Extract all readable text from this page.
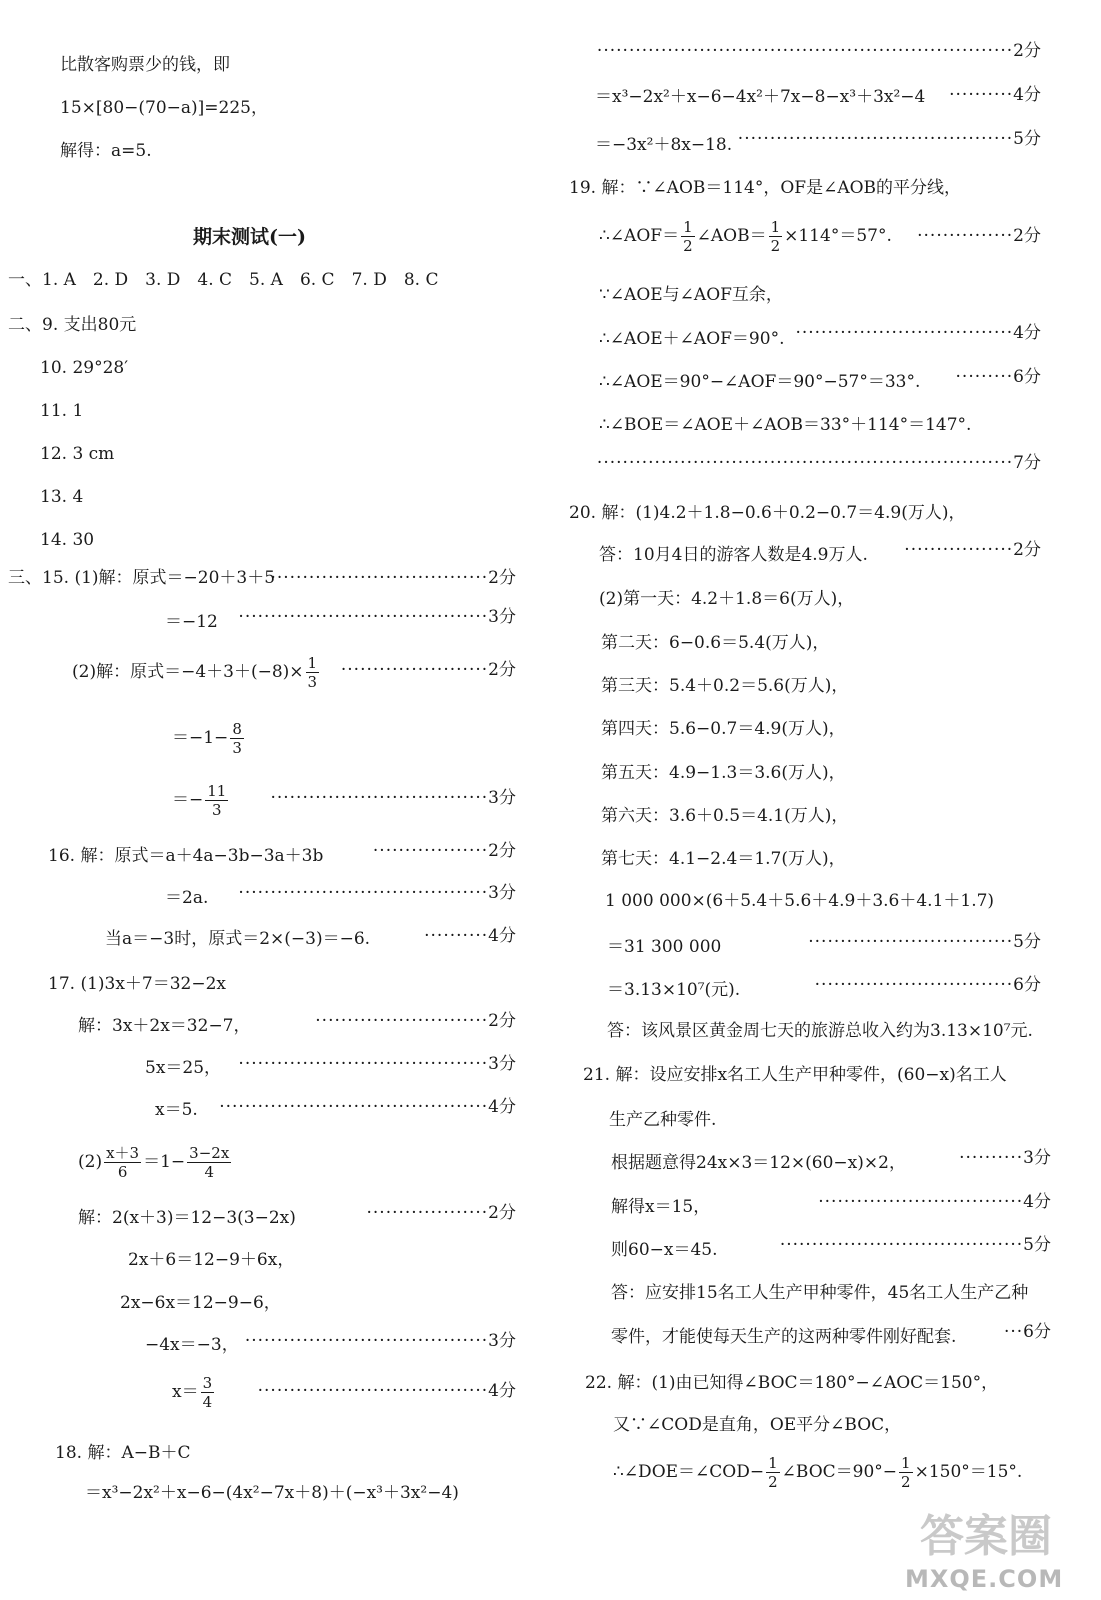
比散客购票少的钱，即
15×[80−(70−a)]=225，
解得：a=5.
期末测试(一)
一、1. A　2. D　3. D　4. C　5. A　6. C　7. D　8. C
二、9. 支出80元
10. 29°28′
11. 1
12. 3 cm
13. 4
14. 30
三、15. (1)解：原式＝−20＋3＋5
··································2分
＝−12 ·······································3分
(2)解：原式$=-4+3+(-8)\times \frac{1}{3} \cdot\cdot\cdot\cdot\cdot\cdot\cdot\cdot\cdot\cdot\cdot\cdot\cdot\cdot\cdot\cdot\cdot\cdot\cdot\cdot\cdot\cdot\cdot 2$分
$=-1- \frac{8}{3}$
＝− $\frac{11}{3} \cdot\cdot\cdot\cdot\cdot\cdot\cdot\cdot\cdot\cdot\cdot\cdot\cdot\cdot\cdot\cdot\cdot\cdot\cdot\cdot\cdot\cdot\cdot\cdot\cdot\cdot\cdot\cdot\cdot\cdot\cdot\cdot\cdot\cdot 3$分
16. 解：原式＝a＋4a−3b−3a＋3b	··················2分
＝2a. ·······································3分
当a＝−3时，原式＝2×(−3)＝−6.	··········4分
17. (1)3x＋7＝32−2x
解：3x＋2x＝32−7，	···························2分
5x＝25， ·······································3分
x＝5. ··········································4分
$(2) \frac{x+3}{6} =1- \frac{3-2x}{4}$
解：2(x＋3)＝12−3(3−2x)	···················2分
2x＋6＝12−9＋6x，
2x−6x＝12−9−6，
−4x＝−3， ······································3分
$x= \frac{3}{4}$	····································4分
18. 解：A−B＋C
＝x³−2x²＋x−6−(4x²−7x＋8)＋(−x³＋3x²−4)
·································································2分
＝x³−2x²＋x−6−4x²＋7x−8−x³＋3x²−4 ··········4分
＝−3x²＋8x−18. ···········································5分
19. 解：∵∠AOB＝114°，OF是∠AOB的平分线，
∴∠AOF＝ $\frac{1}{2}$ ∠AOB＝ $\frac{1}{2} \times 114^\circ=57^\circ$. ···············2分
∵∠AOE与∠AOF互余，
∴∠AOE＋∠AOF＝90°. ··································4分
∴∠AOE＝90°−∠AOF＝90°−57°＝33°. ·········6分
∴∠BOE＝∠AOE＋∠AOB＝33°＋114°＝147°.
·································································7分
20. 解：(1)4.2＋1.8−0.6＋0.2−0.7＝4.9(万人)，
答：10月4日的游客人数是4.9万人. ·················2分
(2)第一天：4.2＋1.8＝6(万人)，
第二天：6−0.6＝5.4(万人)，
第三天：5.4＋0.2＝5.6(万人)，
第四天：5.6−0.7＝4.9(万人)，
第五天：4.9−1.3＝3.6(万人)，
第六天：3.6＋0.5＝4.1(万人)，
第七天：4.1−2.4＝1.7(万人)，
1 000 000×(6＋5.4＋5.6＋4.9＋3.6＋4.1＋1.7)
＝31 300 000	································5分
＝3.13×10⁷(元).	·······························6分
答：该风景区黄金周七天的旅游总收入约为3.13×10⁷元.
21. 解：设应安排x名工人生产甲种零件，(60−x)名工人
生产乙种零件.
根据题意得24x×3＝12×(60−x)×2，	··········3分
解得x＝15，	································4分
则60−x＝45.	······································5分
答：应安排15名工人生产甲种零件，45名工人生产乙种
零件，才能使每天生产的这两种零件刚好配套.	···6分
22. 解：(1)由已知得∠BOC＝180°−∠AOC＝150°，
又∵∠COD是直角，OE平分∠BOC，
∴∠DOE＝∠COD− $\frac{1}{2}$ ∠BOC＝90°− $\frac{1}{2} \times 150^\circ=15^\circ$.
答案圈
MXQE.COM
